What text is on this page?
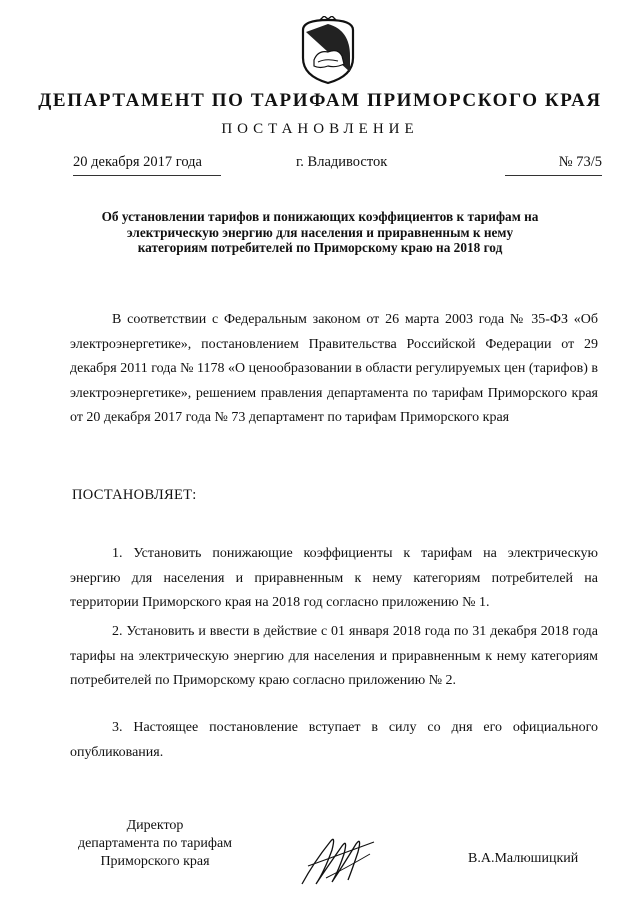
ДЕПАРТАМЕНТ ПО ТАРИФАМ ПРИМОРСКОГО КРАЯ
ПОСТАНОВЛЕНИЕ
20 декабря 2017 года	г. Владивосток	№ 73/5
Об установлении тарифов и понижающих коэффициентов к тарифам на электрическую энергию для населения и приравненным к нему категориям потребителей по Приморскому краю на 2018 год

В соответствии с Федеральным законом от 26 марта 2003 года № 35-ФЗ «Об электроэнергетике», постановлением Правительства Российской Федерации от 29 декабря 2011 года № 1178 «О ценообразовании в области регулируемых цен (тарифов) в электроэнергетике», решением правления департамента по тарифам Приморского края от 20 декабря 2017 года № 73 департамент по тарифам Приморского края

ПОСТАНОВЛЯЕТ:

1. Установить понижающие коэффициенты к тарифам на электрическую энергию для населения и приравненным к нему категориям потребителей на территории Приморского края на 2018 год согласно приложению № 1.

2. Установить и ввести в действие с 01 января 2018 года по 31 декабря 2018 года тарифы на электрическую энергию для населения и приравненным к нему категориям потребителей по Приморскому краю согласно приложению № 2.

3. Настоящее постановление вступает в силу со дня его официального опубликования.

Директор
департамента по тарифам
Приморского края	В.А.Малюшицкий
